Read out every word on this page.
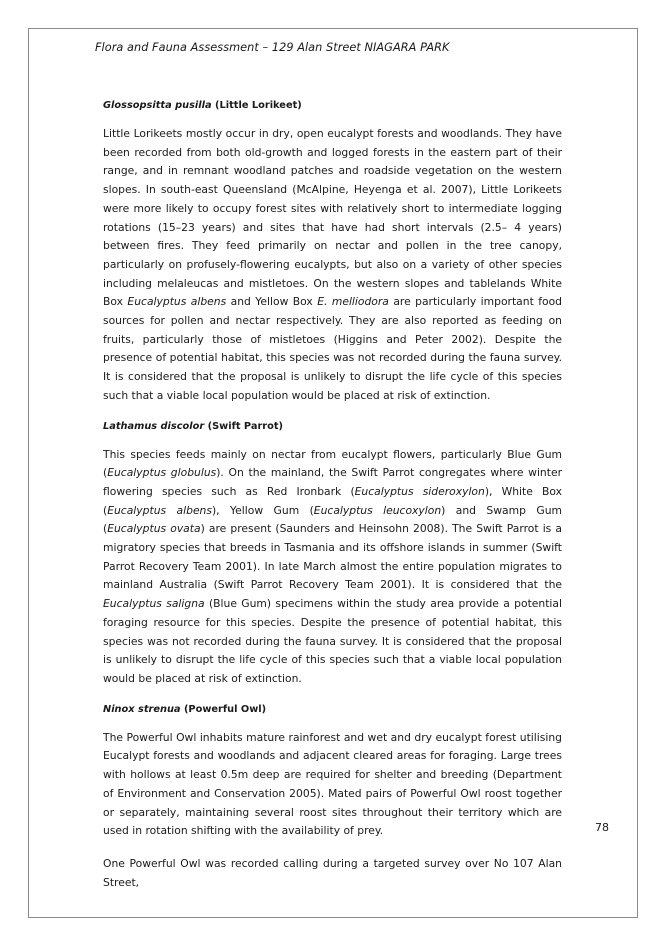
Flora and Fauna Assessment – 129 Alan Street NIAGARA PARK
Glossopsitta pusilla (Little Lorikeet)

Little Lorikeets mostly occur in dry, open eucalypt forests and woodlands. They have been recorded from both old-growth and logged forests in the eastern part of their range, and in remnant woodland patches and roadside vegetation on the western slopes. In south-east Queensland (McAlpine, Heyenga et al. 2007), Little Lorikeets were more likely to occupy forest sites with relatively short to intermediate logging rotations (15–23 years) and sites that have had short intervals (2.5– 4 years) between fires. They feed primarily on nectar and pollen in the tree canopy, particularly on profusely-flowering eucalypts, but also on a variety of other species including melaleucas and mistletoes. On the western slopes and tablelands White Box Eucalyptus albens and Yellow Box E. melliodora are particularly important food sources for pollen and nectar respectively. They are also reported as feeding on fruits, particularly those of mistletoes (Higgins and Peter 2002). Despite the presence of potential habitat, this species was not recorded during the fauna survey. It is considered that the proposal is unlikely to disrupt the life cycle of this species such that a viable local population would be placed at risk of extinction.

Lathamus discolor (Swift Parrot)

This species feeds mainly on nectar from eucalypt flowers, particularly Blue Gum (Eucalyptus globulus). On the mainland, the Swift Parrot congregates where winter flowering species such as Red Ironbark (Eucalyptus sideroxylon), White Box (Eucalyptus albens), Yellow Gum (Eucalyptus leucoxylon) and Swamp Gum (Eucalyptus ovata) are present (Saunders and Heinsohn 2008). The Swift Parrot is a migratory species that breeds in Tasmania and its offshore islands in summer (Swift Parrot Recovery Team 2001). In late March almost the entire population migrates to mainland Australia (Swift Parrot Recovery Team 2001). It is considered that the Eucalyptus saligna (Blue Gum) specimens within the study area provide a potential foraging resource for this species. Despite the presence of potential habitat, this species was not recorded during the fauna survey. It is considered that the proposal is unlikely to disrupt the life cycle of this species such that a viable local population would be placed at risk of extinction.

Ninox strenua (Powerful Owl)

The Powerful Owl inhabits mature rainforest and wet and dry eucalypt forest utilising Eucalypt forests and woodlands and adjacent cleared areas for foraging. Large trees with hollows at least 0.5m deep are required for shelter and breeding (Department of Environment and Conservation 2005). Mated pairs of Powerful Owl roost together or separately, maintaining several roost sites throughout their territory which are used in rotation shifting with the availability of prey.

One Powerful Owl was recorded calling during a targeted survey over No 107 Alan Street,

78
